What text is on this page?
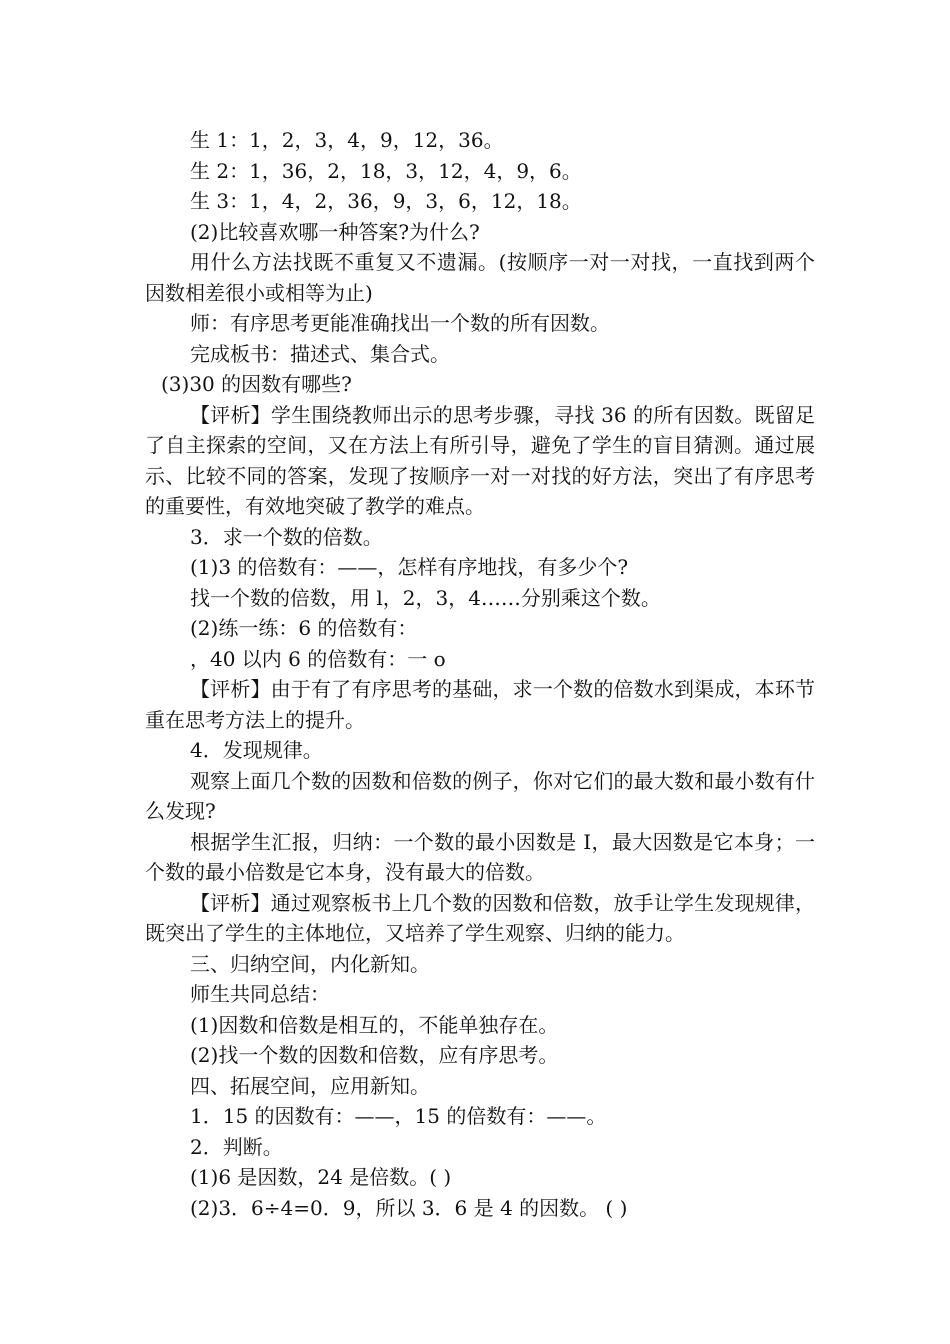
生 1：1，2，3，4，9，12，36。

生 2：1，36，2，18，3，12，4，9，6。

生 3：1，4，2，36，9，3，6，12，18。

(2)比较喜欢哪一种答案?为什么?

用什么方法找既不重复又不遗漏。(按顺序一对一对找，一直找到两个因数相差很小或相等为止)

师：有序思考更能准确找出一个数的所有因数。

完成板书：描述式、集合式。

(3)30 的因数有哪些?

【评析】学生围绕教师出示的思考步骤，寻找 36 的所有因数。既留足了自主探索的空间，又在方法上有所引导，避免了学生的盲目猜测。通过展示、比较不同的答案，发现了按顺序一对一对找的好方法，突出了有序思考的重要性，有效地突破了教学的难点。

3．求一个数的倍数。

(1)3 的倍数有：——，怎样有序地找，有多少个?

找一个数的倍数，用 l，2，3，4……分别乘这个数。

(2)练一练：6 的倍数有：

，40 以内 6 的倍数有：一 o

【评析】由于有了有序思考的基础，求一个数的倍数水到渠成，本环节重在思考方法上的提升。

4．发现规律。

观察上面几个数的因数和倍数的例子，你对它们的最大数和最小数有什么发现?

根据学生汇报，归纳：一个数的最小因数是 I，最大因数是它本身；一个数的最小倍数是它本身，没有最大的倍数。

【评析】通过观察板书上几个数的因数和倍数，放手让学生发现规律，既突出了学生的主体地位，又培养了学生观察、归纳的能力。

三、归纳空间，内化新知。

师生共同总结：

(1)因数和倍数是相互的，不能单独存在。

(2)找一个数的因数和倍数，应有序思考。

四、拓展空间，应用新知。

1．15 的因数有：——，15 的倍数有：——。

2．判断。

(1)6 是因数，24 是倍数。( )

(2)3．6÷4=0．9，所以 3．6 是 4 的因数。 ( )
